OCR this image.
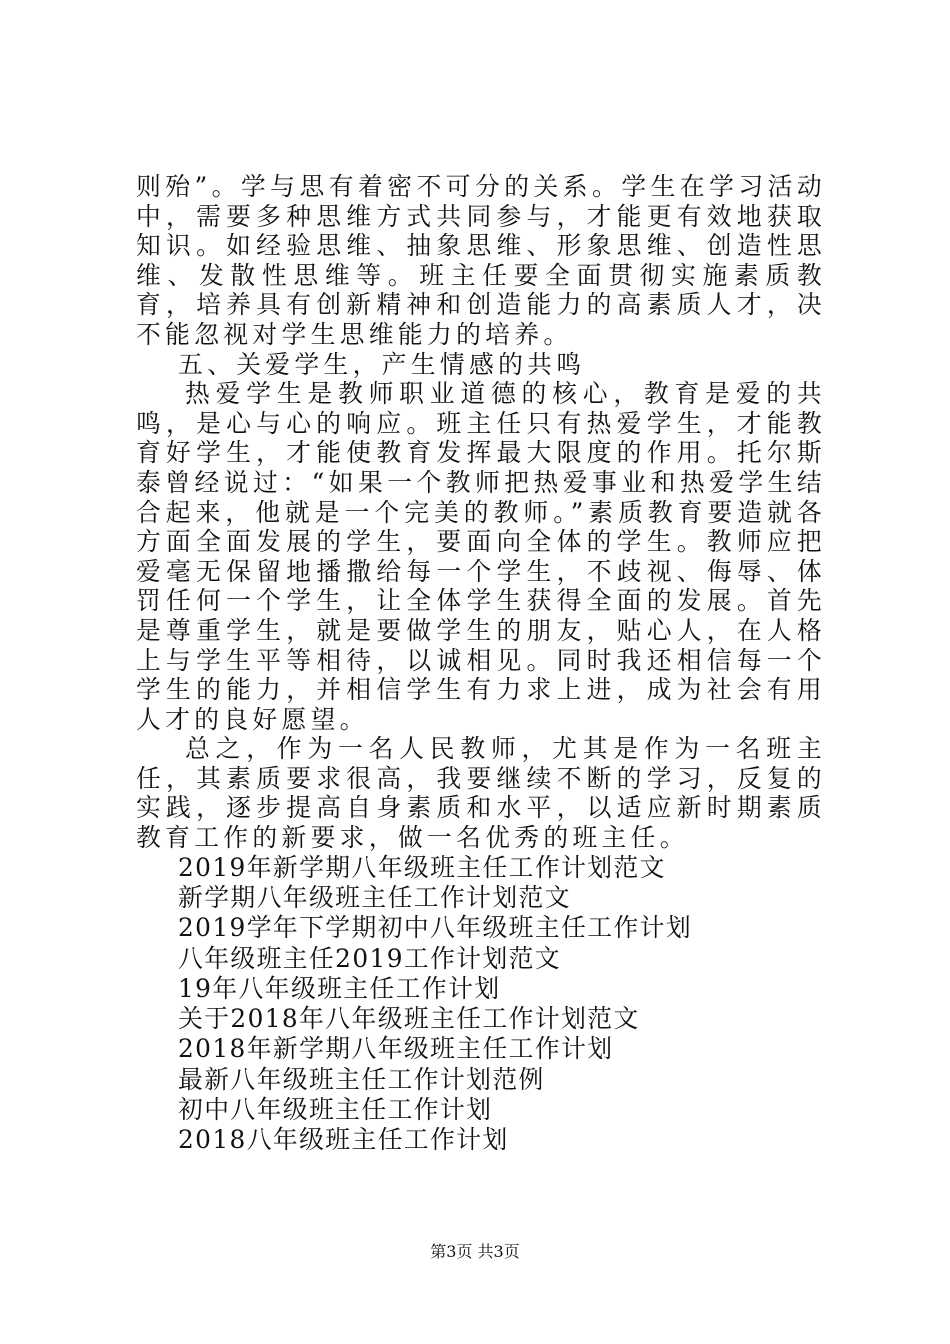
则殆”。学与思有着密不可分的关系。学生在学习活动中，需要多种思维方式共同参与，才能更有效地获取知识。如经验思维、抽象思维、形象思维、创造性思维、发散性思维等。班主任要全面贯彻实施素质教育，培养具有创新精神和创造能力的高素质人才，决不能忽视对学生思维能力的培养。

五、关爱学生，产生情感的共鸣

热爱学生是教师职业道德的核心，教育是爱的共鸣，是心与心的响应。班主任只有热爱学生，才能教育好学生，才能使教育发挥最大限度的作用。托尔斯泰曾经说过：“如果一个教师把热爱事业和热爱学生结合起来，他就是一个完美的教师。”素质教育要造就各方面全面发展的学生，要面向全体的学生。教师应把爱毫无保留地播撒给每一个学生，不歧视、侮辱、体罚任何一个学生，让全体学生获得全面的发展。首先是尊重学生，就是要做学生的朋友，贴心人，在人格上与学生平等相待，以诚相见。同时我还相信每一个学生的能力，并相信学生有力求上进，成为社会有用人才的良好愿望。

总之，作为一名人民教师，尤其是作为一名班主任，其素质要求很高，我要继续不断的学习，反复的实践，逐步提高自身素质和水平，以适应新时期素质教育工作的新要求，做一名优秀的班主任。

2019年新学期八年级班主任工作计划范文
新学期八年级班主任工作计划范文
2019学年下学期初中八年级班主任工作计划
八年级班主任2019工作计划范文
19年八年级班主任工作计划
关于2018年八年级班主任工作计划范文
2018年新学期八年级班主任工作计划
最新八年级班主任工作计划范例
初中八年级班主任工作计划
2018八年级班主任工作计划
第3页 共3页
